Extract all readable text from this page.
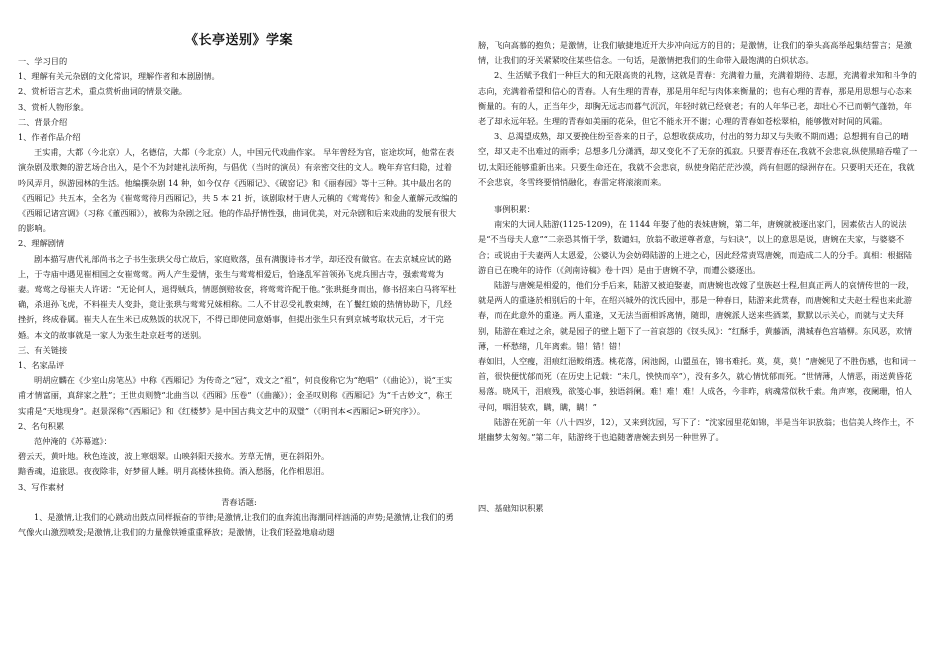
《长亭送别》学案

一、学习目的

1、理解有关元杂剧的文化常识，理解作者和本剧剧情。

2、赏析语言艺术，重点赏析曲词的情景交融。

3、赏析人物形象。

二、背景介绍

1、作者作品介绍

王实甫，大都（今北京）人，名德信，大都（今北京）人，中国元代戏曲作家。 早年曾经为官，宦途坎坷，他常在表演杂剧及歌舞的游艺场合出入，是个不为封建礼法所拘，与倡优（当时的演员）有亲密交往的文人。晚年弃官归隐，过着吟风弄月，纵游园林的生活。他编撰杂剧 14 种，如今仅存《西厢记》、《破窑记》和《丽春园》等十三种。其中最出名的《西厢记》共五本，全名为《崔莺莺待月西厢记》，共 5 本 21 折，该剧取材于唐人元稹的《莺莺传》和金人董解元改编的《西厢记诸宫调》（习称《董西厢》），被称为杂剧之冠。他的作品抒情性强，曲词优美，对元杂剧和后来戏曲的发展有很大的影响。

2、理解剧情

剧本描写唐代礼部尚书之子书生张珙父母亡故后，家庭败落，虽有满腹诗书才学，却还没有做官。在去京城应试的路上，于寺庙中遇见崔相国之女崔莺莺。两人产生爱情，张生与莺莺相爱后，恰逢乱军首领孙飞虎兵围古寺，强索莺莺为妻。莺莺之母崔夫人许诺：“无论何人，退得贼兵，情愿倒赔妆奁，将莺莺许配于他。”张珙挺身而出，修书招来白马将军杜确，杀退孙飞虎，不料崔夫人变卦，竟让张珙与莺莺兄妹相称。二人不甘忍受礼教束缚，在丫鬟红娘的热情协助下，几经挫折，终成眷属。崔夫人在生米已成熟饭的状况下，不得已即使同意婚事，但提出张生只有到京城考取状元后，才干完婚。本文的故事就是一家人为张生赴京赶考的送别。

三、有关链接

1、名家品评

明胡应麟在《少室山房笔丛》中称《西厢记》为传奇之“冠”，戏文之“祖”，何良俊称它为“绝唱”（《曲论》），说“王实甫才情富丽，真辞家之胜”；王世贞则赞“北曲当以《西厢》压卷”（《曲藻》）；金圣叹则称《西厢记》为“千古妙文”，称王实甫是“天地现身”。赵景深称“《西厢记》和《红楼梦》是中国古典文艺中的双璧”（《明刊本<西厢记>研究序》）。

2、名句积累

范仲淹的《苏幕遮》：

碧云天，黄叶地。秋色连波，波上寒烟翠。山映斜阳天接水。芳草无情，更在斜阳外。

黯香魂，追旅思。夜夜除非，好梦留人睡。明月高楼休独倚。酒入愁肠，化作相思泪。

3、写作素材

青春话题:

1、是激情,让我们的心跳动出鼓点同样振奋的节律;是激情,让我们的血奔流出海潮同样汹涌的声势;是激情,让我们的勇气像火山激烈喷发;是激情,让我们的力量像铁锤重重释放；是激情，让我们轻盈地扇动翅

膀，飞向高慕的抱负；是激情，让我们敏捷地近开大步冲向远方的目的；是激情，让我们的拳头高高举起集结誓言；是激情，让我们的牙关紧紧咬住某些信念。一句话，是激情把我们的生命带入最饱满的白炽状态。

2、生活赋予我们一种巨大的和无限高贵的礼物，这就是青春：充满着力量，充满着期待、志愿，充满着求知和斗争的志向，充满着希望和信心的青春。人有生理的青春，那是用年纪与肉体来衡量的；也有心理的青春，那是用思想与心态来衡量的。有的人，正当年少，却胸无远志而暮气沉沉，年轻时就已经衰老；有的人年华已老，却壮心不已而朝气蓬勃，年老了却永远年轻。生理的青春如美丽的花朵，但它不能永开不谢；心理的青春如苍松翠柏，能够傲对时间的风霜。

3、总渴望成熟，却又要挽住纷至沓来的日子，总想收获成功，付出的努力却又与失败不期而遇；总想拥有自己的晴空，却又走不出难过的雨季；总想多几分潇洒，却又变化不了无奈的孤寂。只要青春还在,我就不会悲哀,纵使黑暗吞噬了一切,太阳还能够重新出来。只要生命还在，我就不会悲哀，纵使身陷茫茫沙漠，尚有但愿的绿洲存在。只要明天还在，我就不会悲哀，冬雪终要悄悄融化，春雷定将滚滚而来。

事例积累：

南宋的大词人陆游(1125-1209)，在 1144 年娶了他的表妹唐婉，第二年，唐婉就被逐出家门，因素依古人的说法是“不当母夫人意”“二亲恐其惰于学，数谴妇，放翁不敢逆尊者意，与妇诀”，以上的意思是说，唐婉在夫家，与婆婆不合；或说由于夫妻两人太恩爱，公婆认为会妨碍陆游的上进之心，因此经常责骂唐婉，而造成二人的分手。真相：根据陆游自已在晚年的诗作（《剑南诗稿》卷十四）是由于唐婉不孕，而遭公婆逐出。

陆游与唐婉是相爱的，他们分手后来，陆游又被迫娶妻，而唐婉也改嫁了皇族赵士程,但真正两人的哀情传世的一段，就是两人的重逢於相别后的十年，在绍兴城外的沈氏园中，那是一种春日，陆游来此赏春，而唐婉和丈夫赵士程也来此游春，而在此意外的重逢。两人重逢，又无法当面相诉离情，随即，唐婉派人送来些酒菜，默默以示关心，而就与丈夫拜别，陆游在难过之余，就是园子的壁上题下了一首哀怨的《钗头凤》：“红酥手，黄藤酒，满城春色宫墙柳。东风恶，欢情薄，一杯愁绪，几年离索。错！错！错！

春如旧，人空瘦，泪痕红浥鲛绡透。桃花落，闲池阁，山盟虽在，锦书难托。莫，莫，莫！”唐婉见了不胜伤感，也和词一首，很快便忧郁而死（在历史上记载：“未几，怏怏而卒”），没有多久，就心情忧郁而死。“世情薄，人情恶，雨送黄昏花易落。晓风干，泪痕残，欲笺心事，独语斜阑。难！难！难！人成各，今非昨，病魂常似秋千索。角声寒，夜阑珊，怕人寻问，咽泪装欢，瞒，瞒，瞒！”

陆游在死前一年（八十四岁，12），又来到沈园，写下了：“沈家园里花如锦，半是当年识放翁；也信美人终作土，不堪幽梦太匆匆。”第二年，陆游终于也追随著唐婉去到另一种世界了。

四、基础知识积累
